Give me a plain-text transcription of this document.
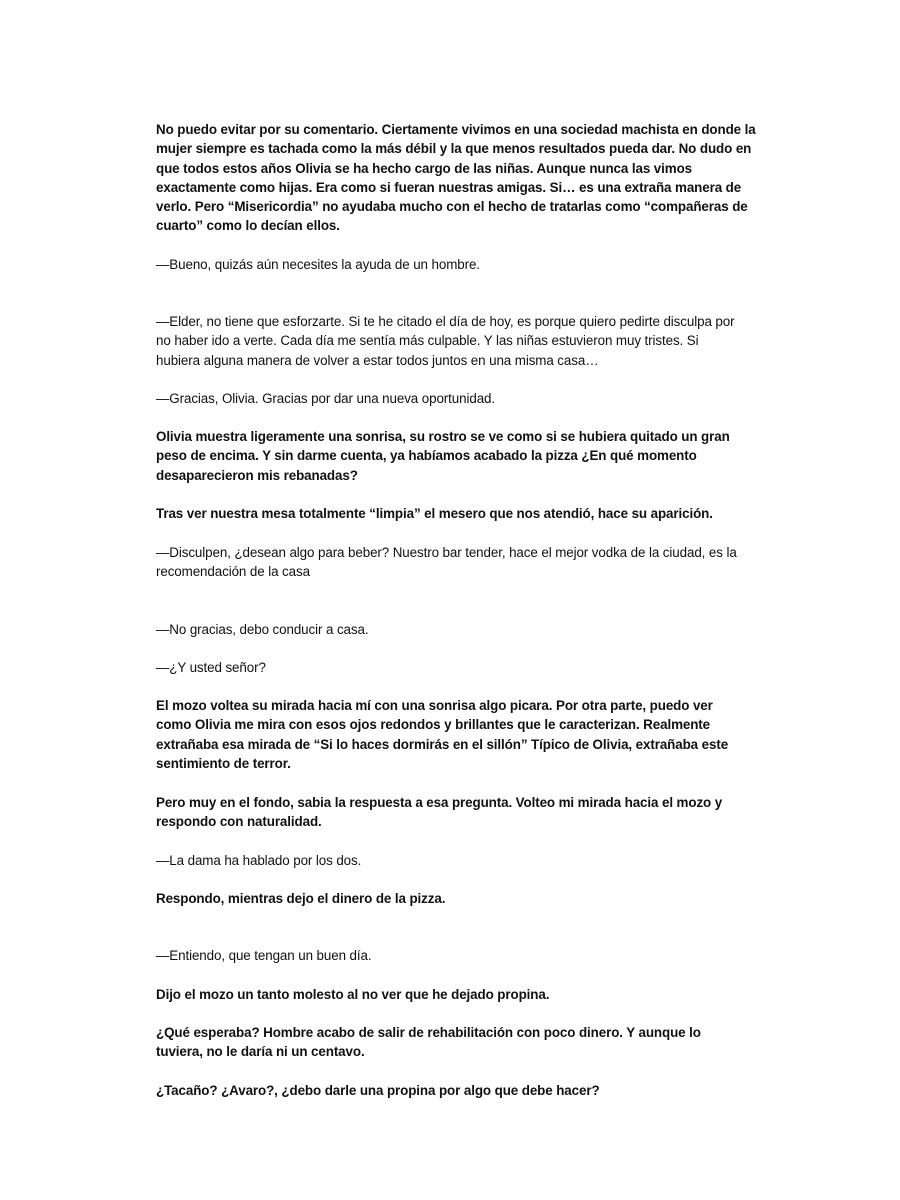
No puedo evitar por su comentario. Ciertamente vivimos en una sociedad machista en donde la mujer siempre es tachada como la más débil y la que menos resultados pueda dar. No dudo en que todos estos años Olivia se ha hecho cargo de las niñas. Aunque nunca las vimos exactamente como hijas. Era como si fueran nuestras amigas. Si… es una extraña manera de verlo. Pero “Misericordia” no ayudaba mucho con el hecho de tratarlas como “compañeras de cuarto” como lo decían ellos.

—Bueno, quizás aún necesites la ayuda de un hombre.

—Elder, no tiene que esforzarte. Si te he citado el día de hoy, es porque quiero pedirte disculpa por no haber ido a verte. Cada día me sentía más culpable. Y las niñas estuvieron muy tristes. Si hubiera alguna manera de volver a estar todos juntos en una misma casa…

—Gracias, Olivia. Gracias por dar una nueva oportunidad.

Olivia muestra ligeramente una sonrisa, su rostro se ve como si se hubiera quitado un gran peso de encima. Y sin darme cuenta, ya habíamos acabado la pizza ¿En qué momento desaparecieron mis rebanadas?

Tras ver nuestra mesa totalmente “limpia” el mesero que nos atendió, hace su aparición.

—Disculpen, ¿desean algo para beber? Nuestro bar tender, hace el mejor vodka de la ciudad, es la recomendación de la casa

—No gracias, debo conducir a casa.

—¿Y usted señor?

El mozo voltea su mirada hacia mí con una sonrisa algo picara. Por otra parte, puedo ver como Olivia me mira con esos ojos redondos y brillantes que le caracterizan. Realmente extrañaba esa mirada de “Si lo haces dormirás en el sillón” Típico de Olivia, extrañaba este sentimiento de terror.

Pero muy en el fondo, sabia la respuesta a esa pregunta. Volteo mi mirada hacia el mozo y respondo con naturalidad.

—La dama ha hablado por los dos.

Respondo, mientras dejo el dinero de la pizza.

—Entiendo, que tengan un buen día.

Dijo el mozo un tanto molesto al no ver que he dejado propina.

¿Qué esperaba? Hombre acabo de salir de rehabilitación con poco dinero. Y aunque lo tuviera, no le daría ni un centavo.

¿Tacaño? ¿Avaro?, ¿debo darle una propina por algo que debe hacer?
